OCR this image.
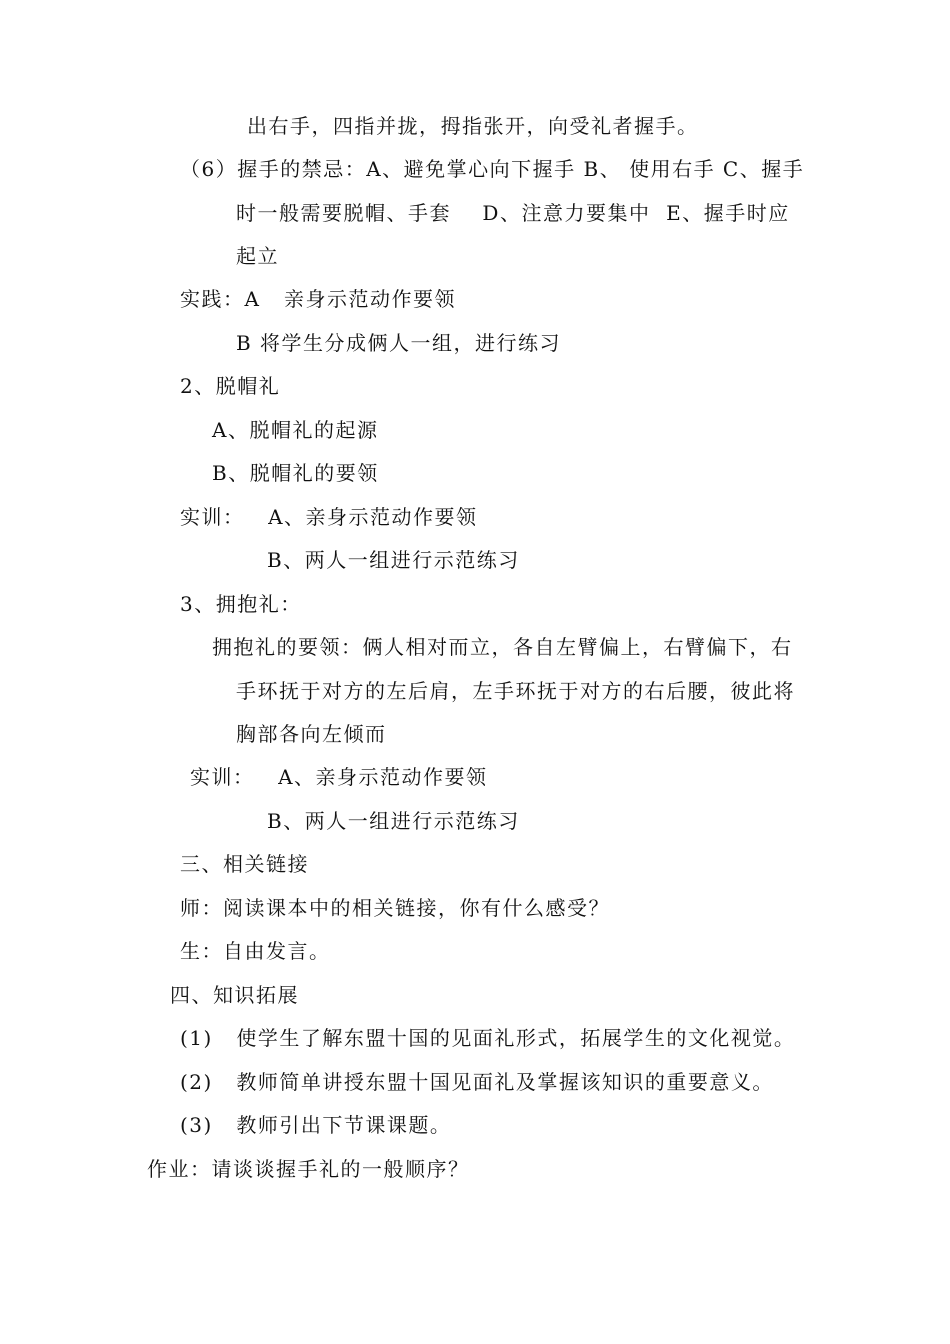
出右手，四指并拢，拇指张开，向受礼者握手。
（6）握手的禁忌：A、避免掌心向下握手 B、 使用右手 C、握手
时一般需要脱帽、手套    D、注意力要集中  E、握手时应
起立
实践：A   亲身示范动作要领
B 将学生分成俩人一组，进行练习
2、脱帽礼
A、脱帽礼的起源
B、脱帽礼的要领
实训：   A、亲身示范动作要领
B、两人一组进行示范练习
3、拥抱礼：
拥抱礼的要领：俩人相对而立，各自左臂偏上，右臂偏下，右
手环抚于对方的左后肩，左手环抚于对方的右后腰，彼此将
胸部各向左倾而
实训：   A、亲身示范动作要领
B、两人一组进行示范练习
三、相关链接
师：阅读课本中的相关链接，你有什么感受？
生：自由发言。
四、知识拓展
(1)   使学生了解东盟十国的见面礼形式，拓展学生的文化视觉。
(2)   教师简单讲授东盟十国见面礼及掌握该知识的重要意义。
(3)   教师引出下节课课题。
作业：请谈谈握手礼的一般顺序？
